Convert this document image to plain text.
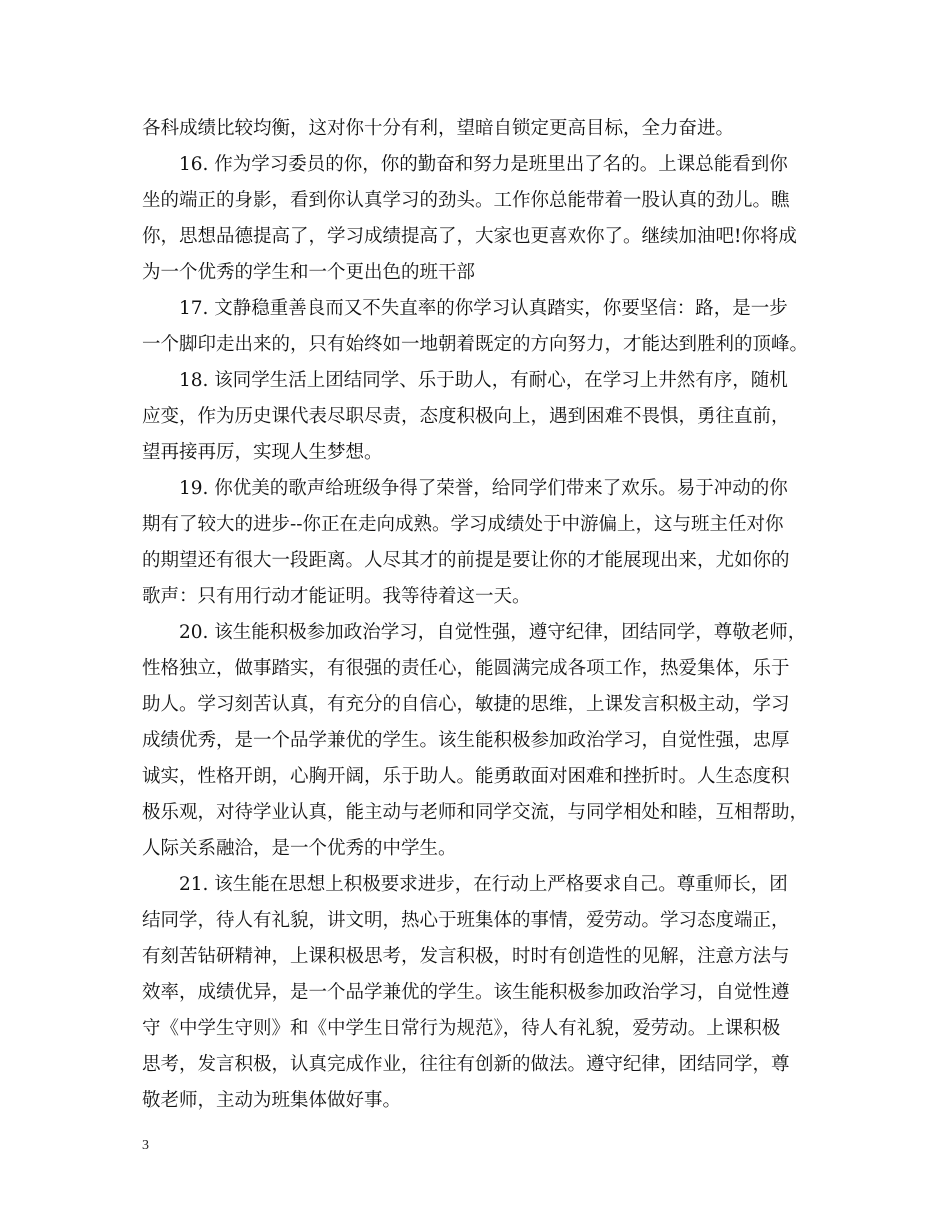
各科成绩比较均衡，这对你十分有利，望暗自锁定更高目标，全力奋进。

16. 作为学习委员的你，你的勤奋和努力是班里出了名的。上课总能看到你

坐的端正的身影，看到你认真学习的劲头。工作你总能带着一股认真的劲儿。瞧

你，思想品德提高了，学习成绩提高了，大家也更喜欢你了。继续加油吧!你将成

为一个优秀的学生和一个更出色的班干部

17. 文静稳重善良而又不失直率的你学习认真踏实，你要坚信：路，是一步

一个脚印走出来的，只有始终如一地朝着既定的方向努力，才能达到胜利的顶峰。

18. 该同学生活上团结同学、乐于助人，有耐心，在学习上井然有序，随机

应变，作为历史课代表尽职尽责，态度积极向上，遇到困难不畏惧，勇往直前，

望再接再厉，实现人生梦想。

19. 你优美的歌声给班级争得了荣誉，给同学们带来了欢乐。易于冲动的你

期有了较大的进步--你正在走向成熟。学习成绩处于中游偏上，这与班主任对你

的期望还有很大一段距离。人尽其才的前提是要让你的才能展现出来，尤如你的

歌声：只有用行动才能证明。我等待着这一天。

20. 该生能积极参加政治学习，自觉性强，遵守纪律，团结同学，尊敬老师，

性格独立，做事踏实，有很强的责任心，能圆满完成各项工作，热爱集体，乐于

助人。学习刻苦认真，有充分的自信心，敏捷的思维，上课发言积极主动，学习

成绩优秀，是一个品学兼优的学生。该生能积极参加政治学习，自觉性强，忠厚

诚实，性格开朗，心胸开阔，乐于助人。能勇敢面对困难和挫折时。人生态度积

极乐观，对待学业认真，能主动与老师和同学交流，与同学相处和睦，互相帮助，

人际关系融洽，是一个优秀的中学生。

21. 该生能在思想上积极要求进步，在行动上严格要求自己。尊重师长，团

结同学，待人有礼貌，讲文明，热心于班集体的事情，爱劳动。学习态度端正，

有刻苦钻研精神，上课积极思考，发言积极，时时有创造性的见解，注意方法与

效率，成绩优异，是一个品学兼优的学生。该生能积极参加政治学习，自觉性遵

守《中学生守则》和《中学生日常行为规范》，待人有礼貌，爱劳动。上课积极

思考，发言积极，认真完成作业，往往有创新的做法。遵守纪律，团结同学，尊

敬老师，主动为班集体做好事。

3
